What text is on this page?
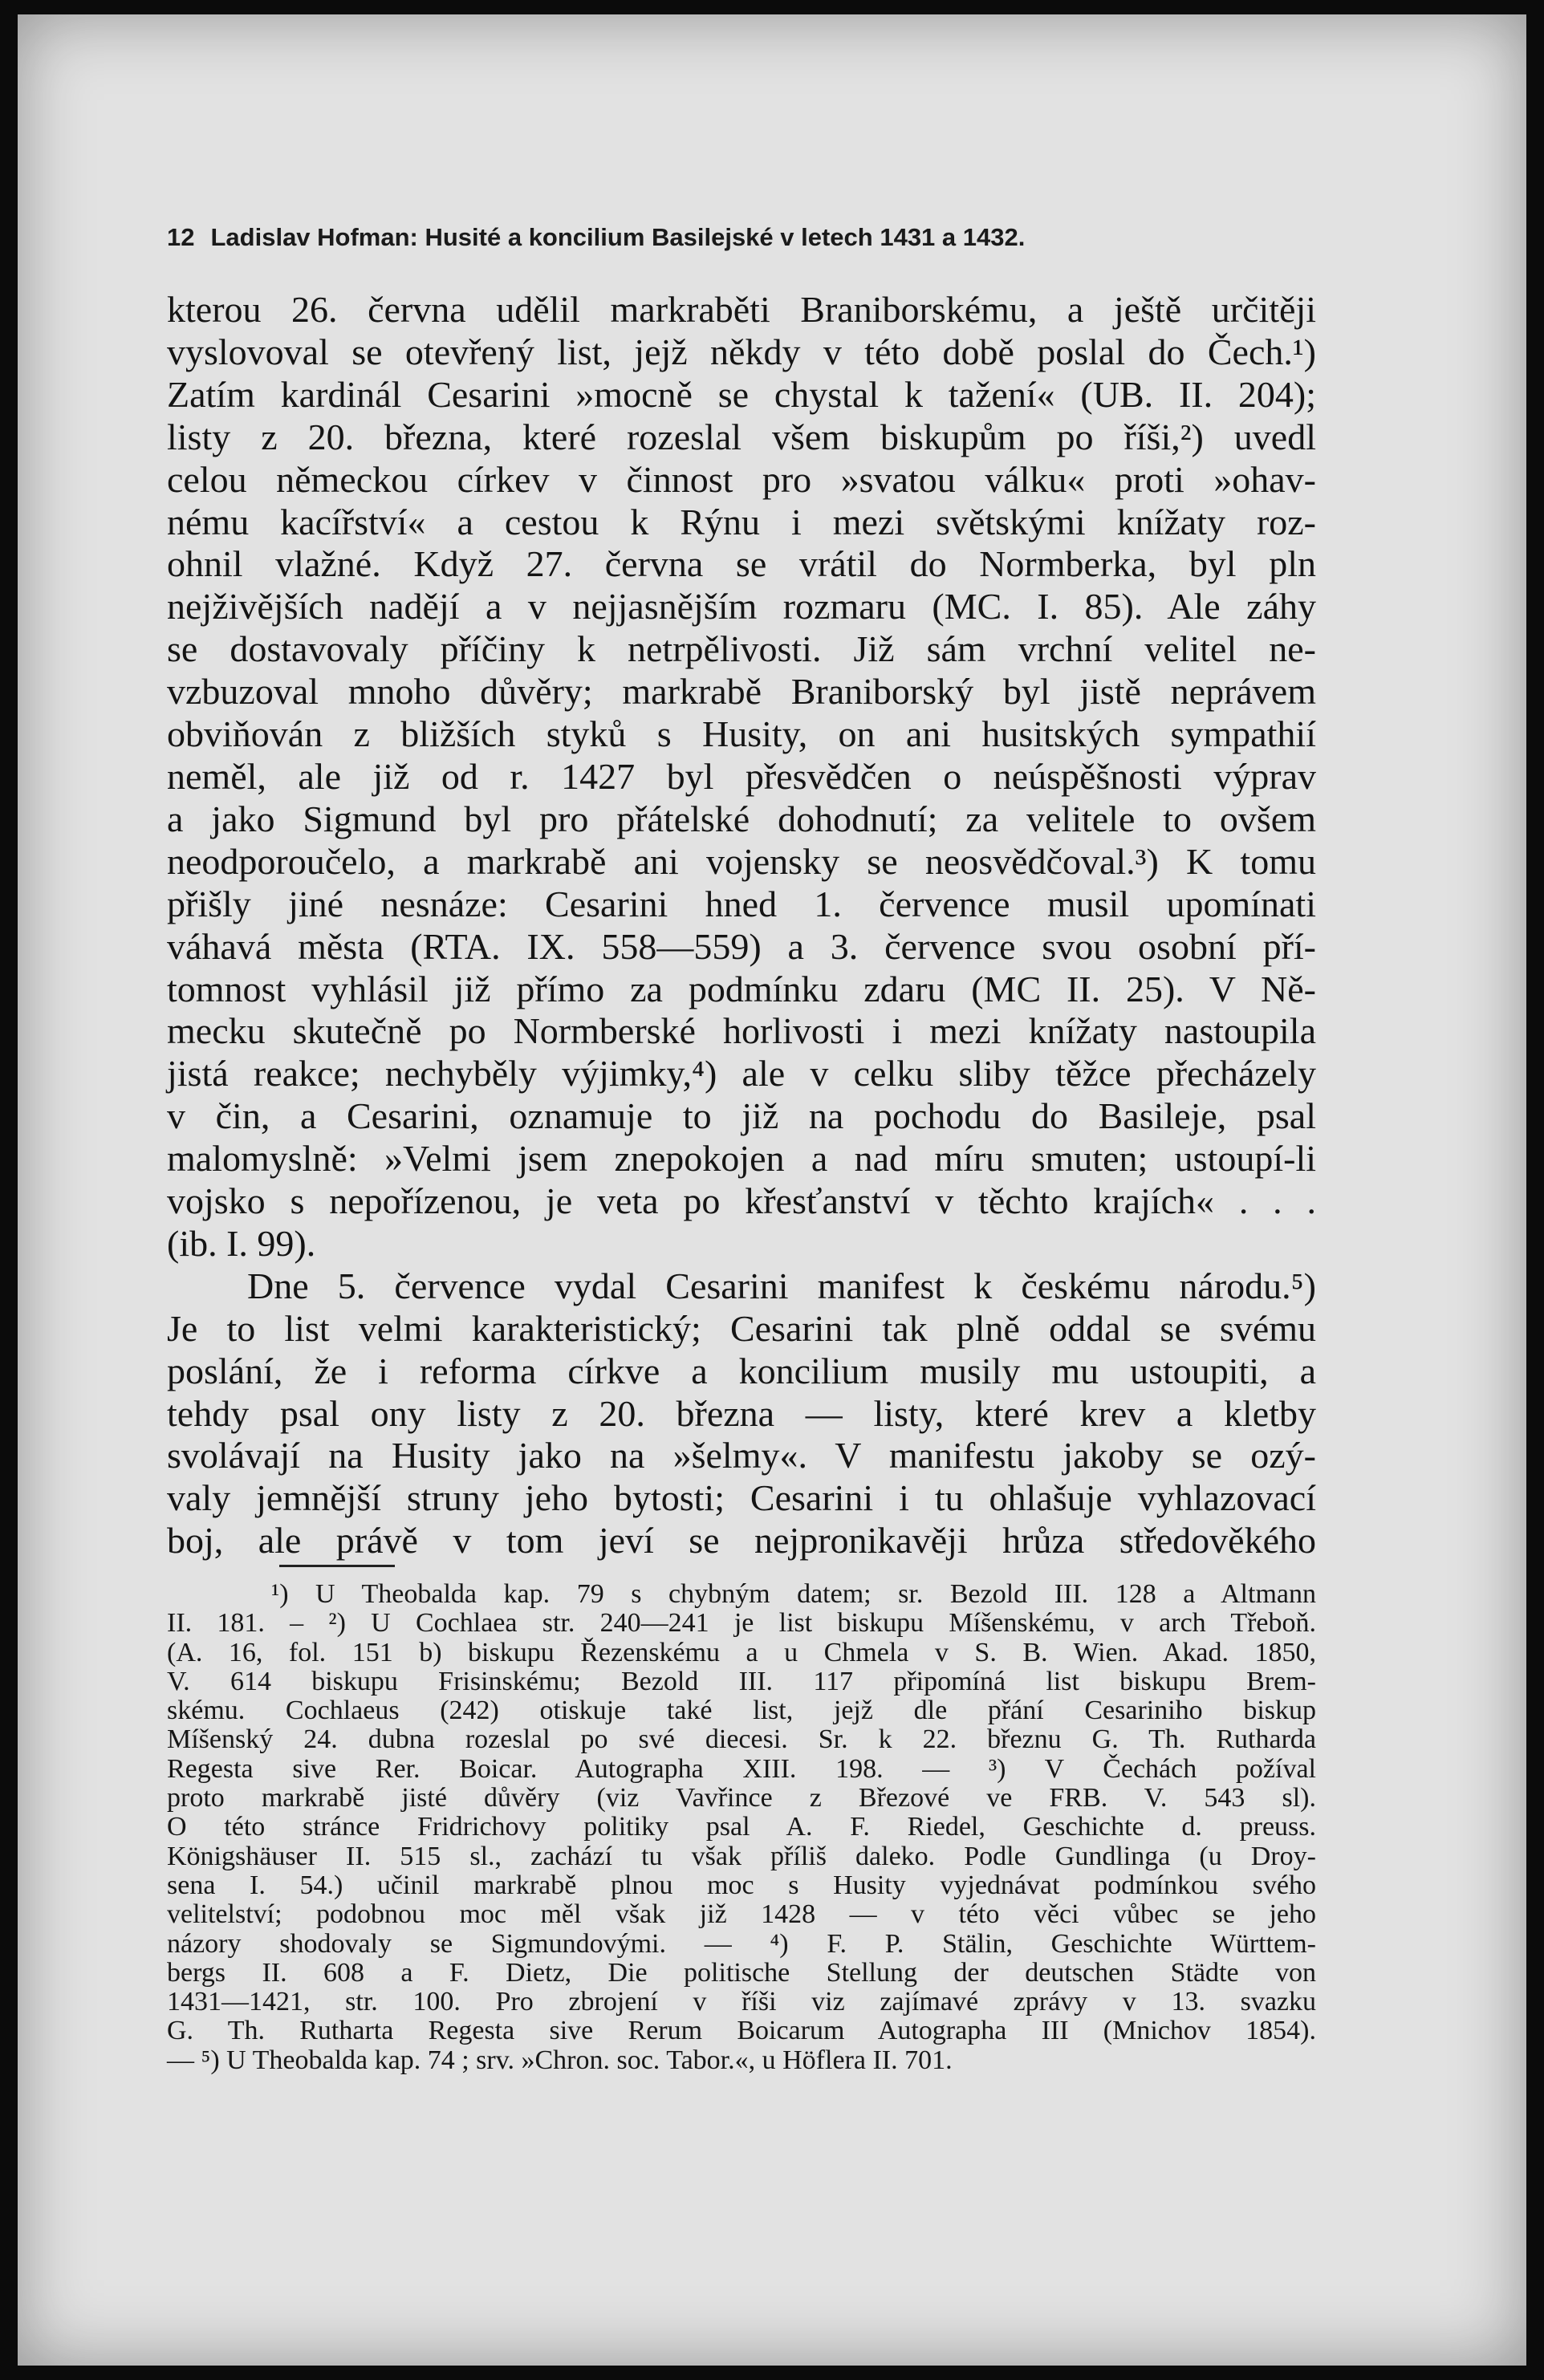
12 Ladislav Hofman: Husité a koncilium Basilejské v letech 1431 a 1432.
kterou 26. června udělil markraběti Braniborskému, a ještě určitěji
vyslovoval se otevřený list, jejž někdy v této době poslal do Čech.¹)
Zatím kardinál Cesarini »mocně se chystal k tažení« (UB. II. 204);
listy z 20. března, které rozeslal všem biskupům po říši,²) uvedl
celou německou církev v činnost pro »svatou válku« proti »ohav-
nému kacířství« a cestou k Rýnu i mezi světskými knížaty roz-
ohnil vlažné. Když 27. června se vrátil do Normberka, byl pln
nejživějších nadějí a v nejjasnějším rozmaru (MC. I. 85). Ale záhy
se dostavovaly příčiny k netrpělivosti. Již sám vrchní velitel ne-
vzbuzoval mnoho důvěry; markrabě Braniborský byl jistě neprávem
obviňován z bližších styků s Husity, on ani husitských sympathií
neměl, ale již od r. 1427 byl přesvědčen o neúspěšnosti výprav
a jako Sigmund byl pro přátelské dohodnutí; za velitele to ovšem
neodporoučelo, a markrabě ani vojensky se neosvědčoval.³) K tomu
přišly jiné nesnáze: Cesarini hned 1. července musil upomínati
váhavá města (RTA. IX. 558—559) a 3. července svou osobní pří-
tomnost vyhlásil již přímo za podmínku zdaru (MC II. 25). V Ně-
mecku skutečně po Normberské horlivosti i mezi knížaty nastoupila
jistá reakce; nechyběly výjimky,⁴) ale v celku sliby těžce přecházely
v čin, a Cesarini, oznamuje to již na pochodu do Basileje, psal
malomyslně: »Velmi jsem znepokojen a nad míru smuten; ustoupí-li
vojsko s nepořízenou, je veta po křesťanství v těchto krajích« . . .
(ib. I. 99).
Dne 5. července vydal Cesarini manifest k českému národu.⁵)
Je to list velmi karakteristický; Cesarini tak plně oddal se svému
poslání, že i reforma církve a koncilium musily mu ustoupiti, a
tehdy psal ony listy z 20. března — listy, které krev a kletby
svolávají na Husity jako na »šelmy«. V manifestu jakoby se ozý-
valy jemnější struny jeho bytosti; Cesarini i tu ohlašuje vyhlazovací
boj, ale právě v tom jeví se nejpronikavěji hrůza středověkého
¹) U Theobalda kap. 79 s chybným datem; sr. Bezold III. 128 a Altmann
II. 181. – ²) U Cochlaea str. 240—241 je list biskupu Míšenskému, v arch Třeboň.
(A. 16, fol. 151 b) biskupu Řezenskému a u Chmela v S. B. Wien. Akad. 1850,
V. 614 biskupu Frisinskému; Bezold III. 117 připomíná list biskupu Brem-
skému. Cochlaeus (242) otiskuje také list, jejž dle přání Cesariniho biskup
Míšenský 24. dubna rozeslal po své diecesi. Sr. k 22. březnu G. Th. Rutharda
Regesta sive Rer. Boicar. Autographa XIII. 198. — ³) V Čechách požíval
proto markrabě jisté důvěry (viz Vavřince z Březové ve FRB. V. 543 sl).
O této stránce Fridrichovy politiky psal A. F. Riedel, Geschichte d. preuss.
Königshäuser II. 515 sl., zachází tu však příliš daleko. Podle Gundlinga (u Droy-
sena I. 54.) učinil markrabě plnou moc s Husity vyjednávat podmínkou svého
velitelství; podobnou moc měl však již 1428 — v této věci vůbec se jeho
názory shodovaly se Sigmundovými. — ⁴) F. P. Stälin, Geschichte Württem-
bergs II. 608 a F. Dietz, Die politische Stellung der deutschen Städte von
1431—1421, str. 100. Pro zbrojení v říši viz zajímavé zprávy v 13. svazku
G. Th. Rutharta Regesta sive Rerum Boicarum Autographa III (Mnichov 1854).
— ⁵) U Theobalda kap. 74 ; srv. »Chron. soc. Tabor.«, u Höflera II. 701.
